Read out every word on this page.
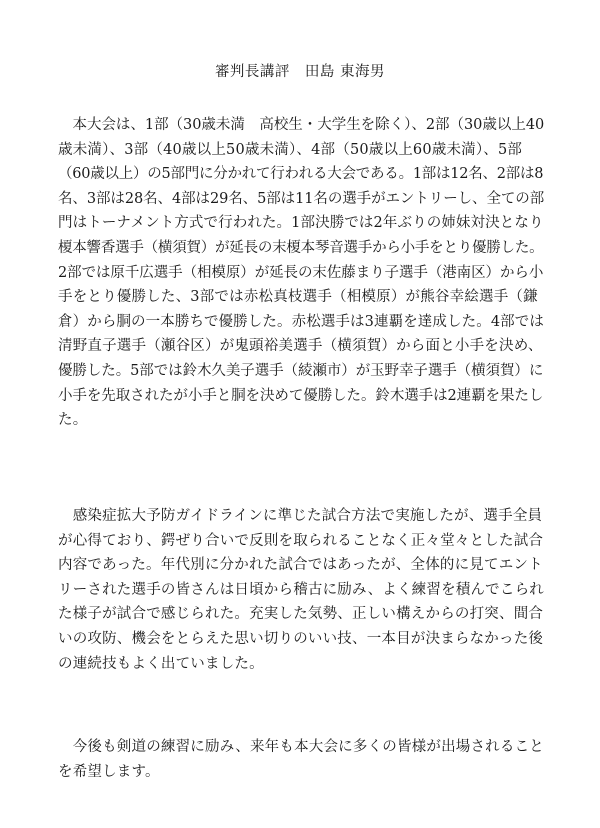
審判長講評　田島 東海男
　本大会は、1部（30歳未満　高校生・大学生を除く）、2部（30歳以上40
歳未満）、3部（40歳以上50歳未満）、4部（50歳以上60歳未満）、5部
（60歳以上）の5部門に分かれて行われる大会である。1部は12名、2部は8
名、3部は28名、4部は29名、5部は11名の選手がエントリーし、全ての部
門はトーナメント方式で行われた。1部決勝では2年ぶりの姉妹対決となり
榎本響香選手（横須賀）が延長の末榎本琴音選手から小手をとり優勝した。
2部では原千広選手（相模原）が延長の末佐藤まり子選手（港南区）から小
手をとり優勝した、3部では赤松真枝選手（相模原）が熊谷幸絵選手（鎌
倉）から胴の一本勝ちで優勝した。赤松選手は3連覇を達成した。4部では
清野直子選手（瀬谷区）が鬼頭裕美選手（横須賀）から面と小手を決め、
優勝した。5部では鈴木久美子選手（綾瀬市）が玉野幸子選手（横須賀）に
小手を先取されたが小手と胴を決めて優勝した。鈴木選手は2連覇を果たし
た。
　感染症拡大予防ガイドラインに準じた試合方法で実施したが、選手全員
が心得ており、鍔ぜり合いで反則を取られることなく正々堂々とした試合
内容であった。年代別に分かれた試合ではあったが、全体的に見てエント
リーされた選手の皆さんは日頃から稽古に励み、よく練習を積んでこられ
た様子が試合で感じられた。充実した気勢、正しい構えからの打突、間合
いの攻防、機会をとらえた思い切りのいい技、一本目が決まらなかった後
の連続技もよく出ていました。
　今後も剣道の練習に励み、来年も本大会に多くの皆様が出場されること
を希望します。
